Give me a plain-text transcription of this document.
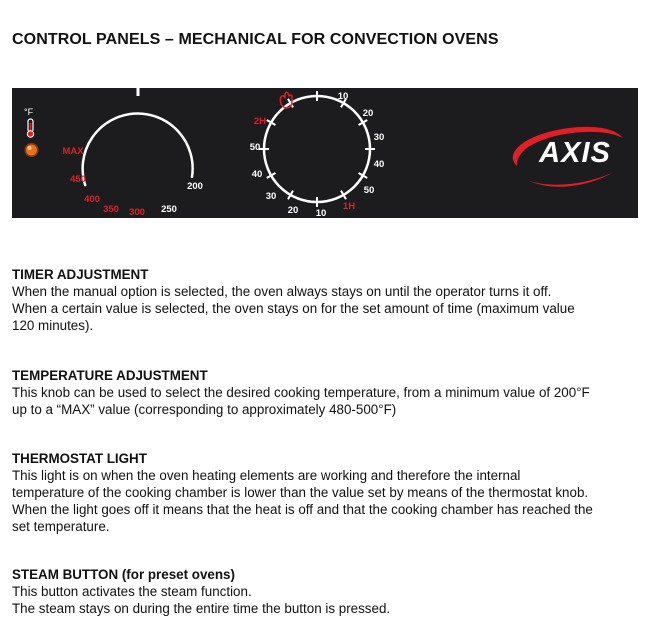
CONTROL PANELS – MECHANICAL FOR CONVECTION OVENS
°F
MAX
450
400
350 300 250
200
10
20
30
40
50
1H
10
20
30
40
50
2H
AXIS
TIMER ADJUSTMENT

When the manual option is selected, the oven always stays on until the operator turns it off.

When a certain value is selected, the oven stays on for the set amount of time (maximum value

120 minutes).

TEMPERATURE ADJUSTMENT

This knob can be used to select the desired cooking temperature, from a minimum value of 200°F

up to a “MAX” value (corresponding to approximately 480-500°F)

THERMOSTAT LIGHT

This light is on when the oven heating elements are working and therefore the internal

temperature of the cooking chamber is lower than the value set by means of the thermostat knob.

When the light goes off it means that the heat is off and that the cooking chamber has reached the

set temperature.

STEAM BUTTON (for preset ovens)

This button activates the steam function.

The steam stays on during the entire time the button is pressed.
